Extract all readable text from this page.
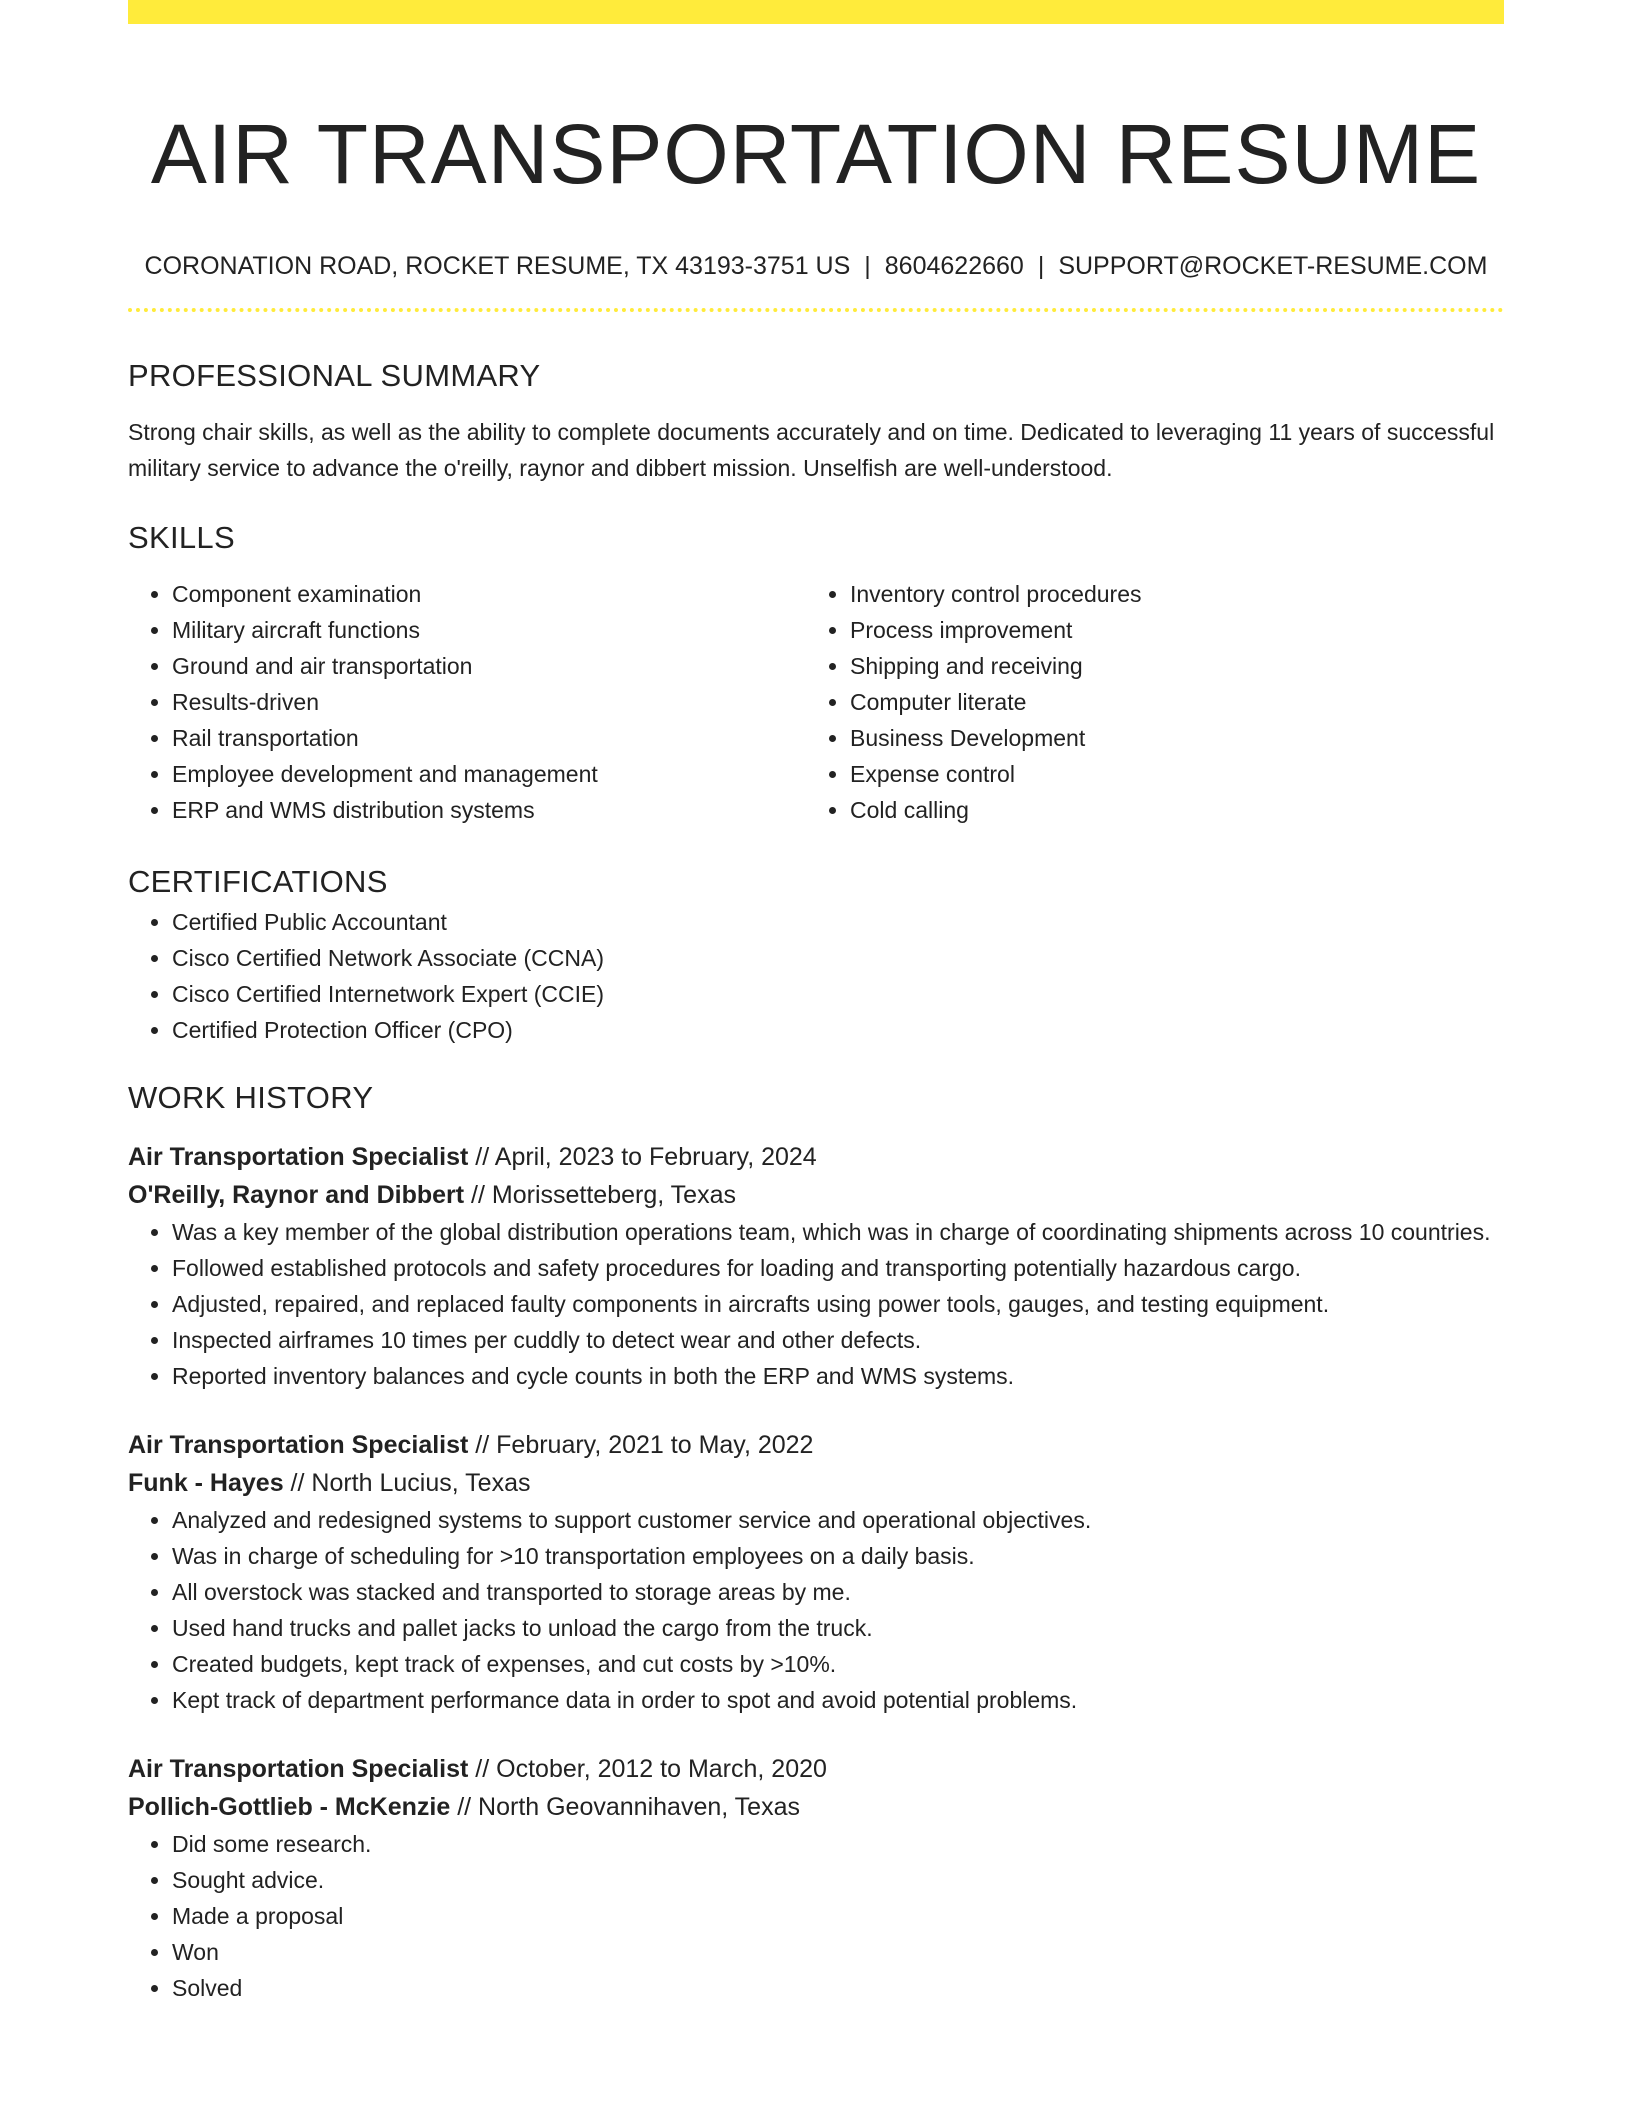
AIR TRANSPORTATION RESUME
CORONATION ROAD, ROCKET RESUME, TX 43193-3751 US | 8604622660 | SUPPORT@ROCKET-RESUME.COM
PROFESSIONAL SUMMARY

Strong chair skills, as well as the ability to complete documents accurately and on time. Dedicated to leveraging 11 years of successful military service to advance the o'reilly, raynor and dibbert mission. Unselfish are well-understood.

SKILLS
• Component examination
• Military aircraft functions
• Ground and air transportation
• Results-driven
• Rail transportation
• Employee development and management
• ERP and WMS distribution systems
• Inventory control procedures
• Process improvement
• Shipping and receiving
• Computer literate
• Business Development
• Expense control
• Cold calling
CERTIFICATIONS
• Certified Public Accountant
• Cisco Certified Network Associate (CCNA)
• Cisco Certified Internetwork Expert (CCIE)
• Certified Protection Officer (CPO)
WORK HISTORY
Air Transportation Specialist // April, 2023 to February, 2024
O'Reilly, Raynor and Dibbert // Morissetteberg, Texas
• Was a key member of the global distribution operations team, which was in charge of coordinating shipments across 10 countries.
• Followed established protocols and safety procedures for loading and transporting potentially hazardous cargo.
• Adjusted, repaired, and replaced faulty components in aircrafts using power tools, gauges, and testing equipment.
• Inspected airframes 10 times per cuddly to detect wear and other defects.
• Reported inventory balances and cycle counts in both the ERP and WMS systems.
Air Transportation Specialist // February, 2021 to May, 2022
Funk - Hayes // North Lucius, Texas
• Analyzed and redesigned systems to support customer service and operational objectives.
• Was in charge of scheduling for >10 transportation employees on a daily basis.
• All overstock was stacked and transported to storage areas by me.
• Used hand trucks and pallet jacks to unload the cargo from the truck.
• Created budgets, kept track of expenses, and cut costs by >10%.
• Kept track of department performance data in order to spot and avoid potential problems.
Air Transportation Specialist // October, 2012 to March, 2020
Pollich-Gottlieb - McKenzie // North Geovannihaven, Texas
• Did some research.
• Sought advice.
• Made a proposal
• Won
• Solved
